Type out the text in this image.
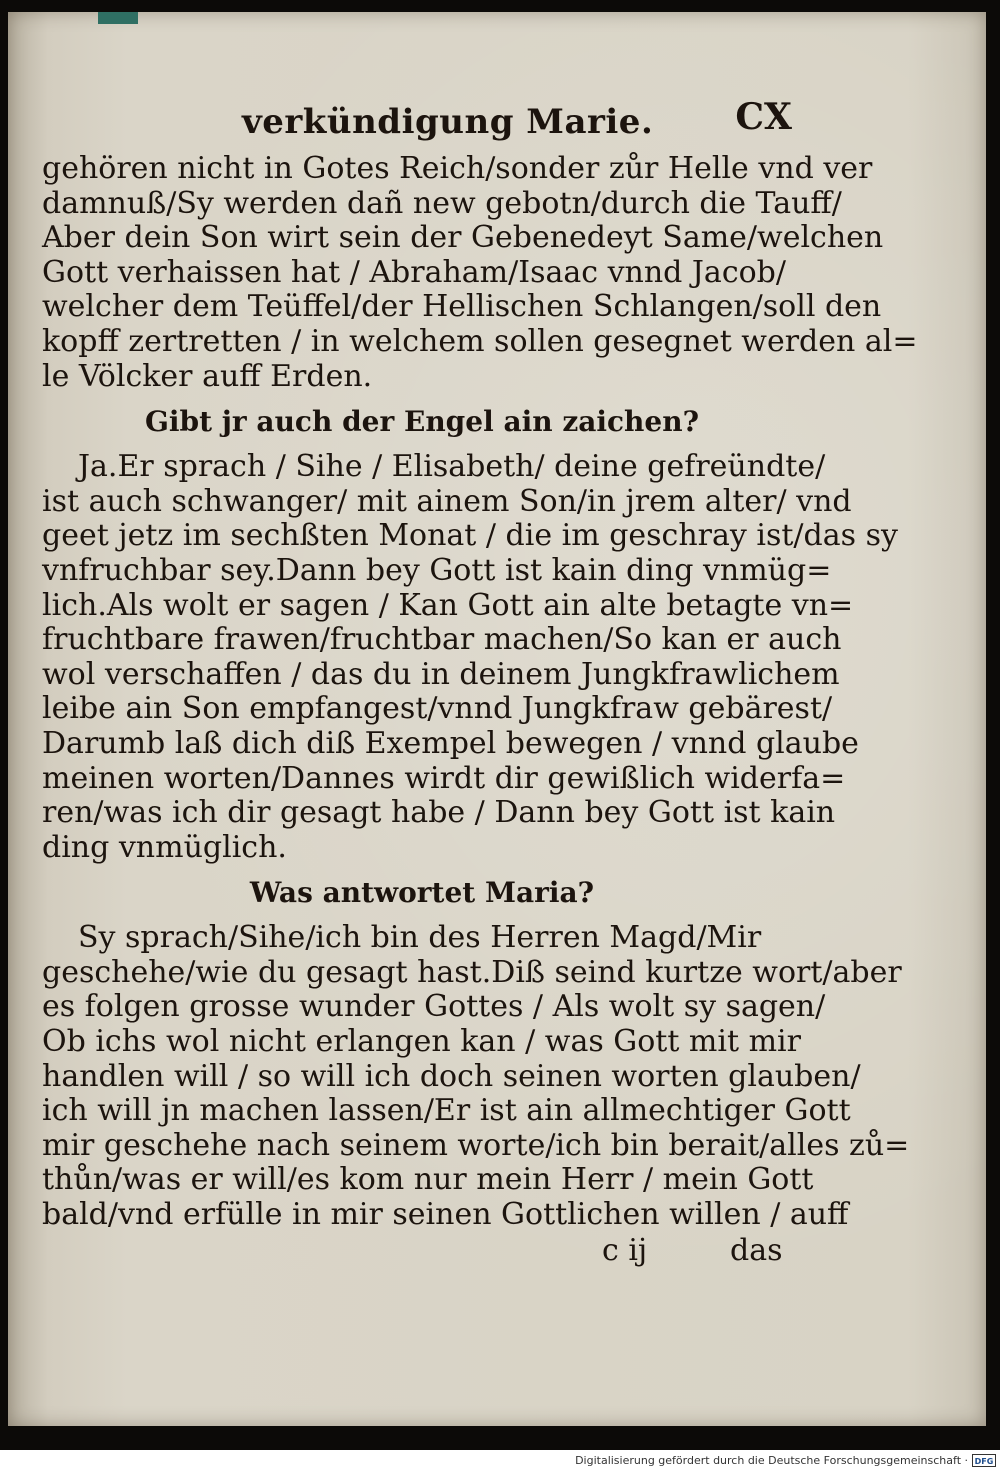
verkündigung Marie. CX
gehören nicht in Gotes Reich/sonder zůr Helle vnd ver
damnuß/Sy werden dañ new gebotn/durch die Tauff/
Aber dein Son wirt sein der Gebenedeyt Same/welchen
Gott verhaissen hat / Abraham/Isaac vnnd Jacob/
welcher dem Teüffel/der Hellischen Schlangen/soll den
kopff zertretten / in welchem sollen gesegnet werden al=
le Völcker auff Erden.
Gibt jr auch der Engel ain zaichen?
Ja.Er sprach / Sihe / Elisabeth/ deine gefreündte/
ist auch schwanger/ mit ainem Son/in jrem alter/ vnd
geet jetz im sechßten Monat / die im geschray ist/das sy
vnfruchbar sey.Dann bey Gott ist kain ding vnmüg=
lich.Als wolt er sagen / Kan Gott ain alte betagte vn=
fruchtbare frawen/fruchtbar machen/So kan er auch
wol verschaffen / das du in deinem Jungkfrawlichem
leibe ain Son empfangest/vnnd Jungkfraw gebärest/
Darumb laß dich diß Exempel bewegen / vnnd glaube
meinen worten/Dannes wirdt dir gewißlich widerfa=
ren/was ich dir gesagt habe / Dann bey Gott ist kain
ding vnmüglich.
Was antwortet Maria?
Sy sprach/Sihe/ich bin des Herren Magd/Mir
geschehe/wie du gesagt hast.Diß seind kurtze wort/aber
es folgen grosse wunder Gottes / Als wolt sy sagen/
Ob ichs wol nicht erlangen kan / was Gott mit mir
handlen will / so will ich doch seinen worten glauben/
ich will jn machen lassen/Er ist ain allmechtiger Gott
mir geschehe nach seinem worte/ich bin berait/alles zů=
thůn/was er will/es kom nur mein Herr / mein Gott
bald/vnd erfülle in mir seinen Gottlichen willen / auff
c ij	das
Digitalisierung gefördert durch die Deutsche Forschungsgemeinschaft · DFG
